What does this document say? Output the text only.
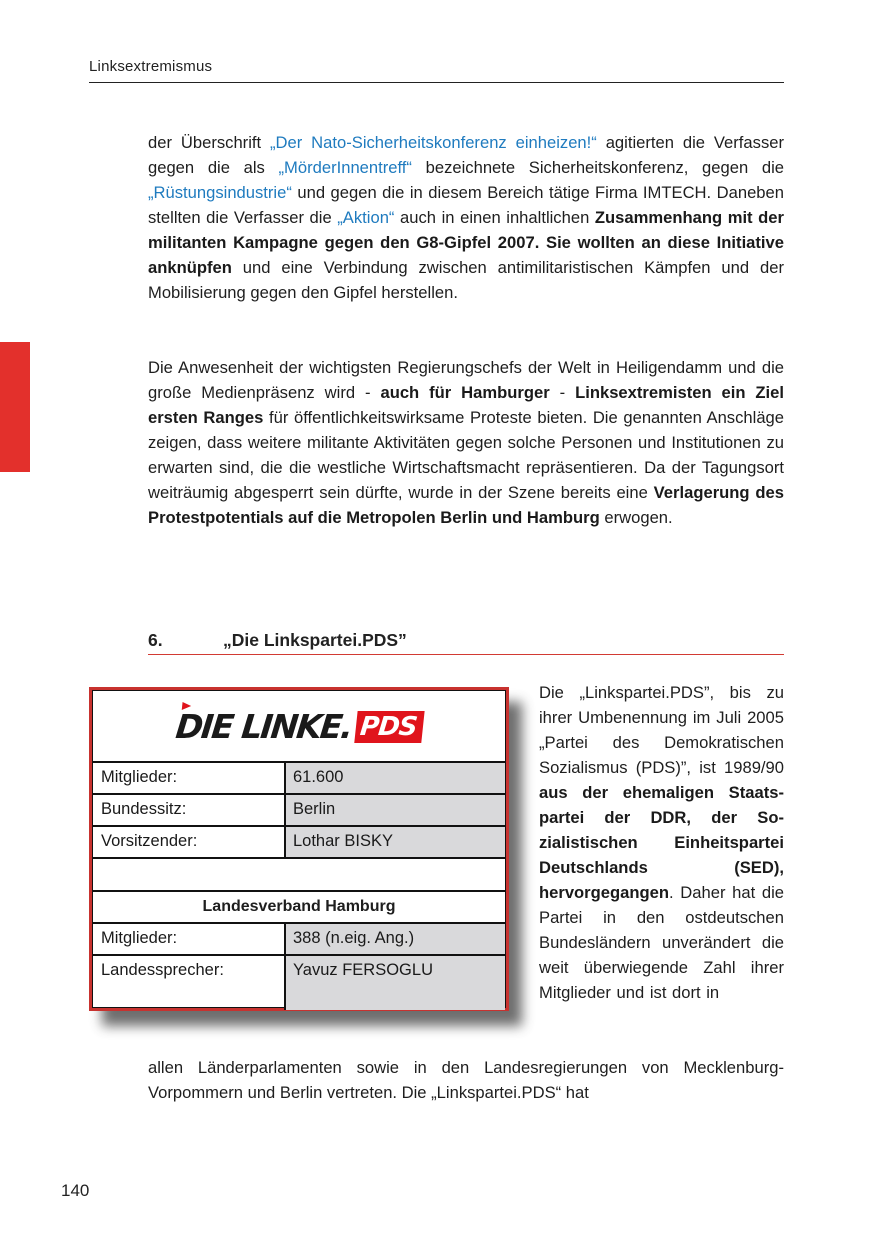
Linksextremismus
der Überschrift „Der Nato-Sicherheitskonferenz einheizen!“ agitierten die Verfasser gegen die als „MörderInnentreff“ bezeichnete Sicherheitskonferenz, gegen die „Rüstungsindustrie“ und gegen die in diesem Bereich tätige Firma IMTECH. Daneben stellten die Verfasser die „Aktion“ auch in einen inhaltlichen Zusammenhang mit der militanten Kampagne gegen den G8-Gipfel 2007. Sie wollten an diese Initiative anknüpfen und eine Verbindung zwischen antimilitaristischen Kämpfen und der Mobilisierung gegen den Gipfel herstellen.
Die Anwesenheit der wichtigsten Regierungschefs der Welt in Heiligendamm und die große Medienpräsenz wird - auch für Hamburger - Linksextremisten ein Ziel ersten Ranges für öffentlichkeitswirksame Proteste bieten. Die genannten Anschläge zeigen, dass weitere militante Aktivitäten gegen solche Personen und Institutionen zu erwarten sind, die die westliche Wirtschaftsmacht repräsentieren. Da der Tagungsort weiträumig abgesperrt sein dürfte, wurde in der Szene bereits eine Verlagerung des Protestpotentials auf die Metropolen Berlin und Hamburg erwogen.
6.	„Die Linkspartei.PDS”
DIE LINKE. PDS
Mitglieder:	61.600
Bundessitz:	Berlin
Vorsitzender:	Lothar BISKY
Landesverband Hamburg
Mitglieder:	388 (n.eig. Ang.)
Landessprecher:	Yavuz FERSOGLU
Die „Linkspartei.PDS”, bis zu ihrer Umbenennung im Juli 2005 „Partei des Demokratischen Sozialismus (PDS)”, ist 1989/90 aus der ehemaligen Staatspartei der DDR, der Sozialistischen Einheitspartei Deutschlands (SED), hervorgegangen. Daher hat die Partei in den ostdeutschen Bundesländern unverändert die weit überwiegende Zahl ihrer Mitglieder und ist dort in
allen Länderparlamenten sowie in den Landesregierungen von Mecklenburg-Vorpommern und Berlin vertreten. Die „Linkspartei.PDS“ hat
140
